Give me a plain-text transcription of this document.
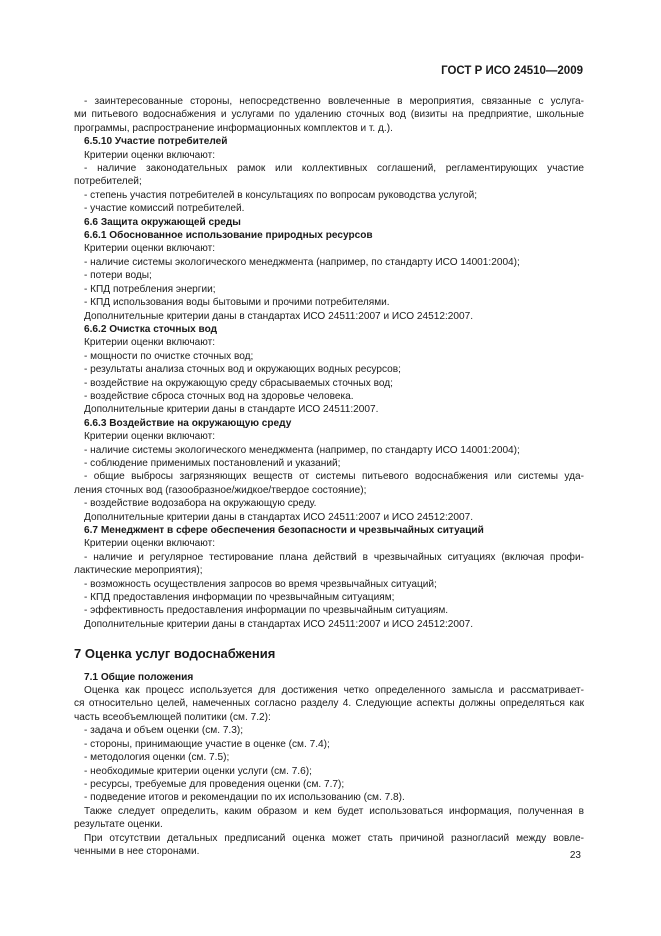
ГОСТ Р ИСО 24510—2009
- заинтересованные стороны, непосредственно вовлеченные в мероприятия, связанные с услуга-
ми питьевого водоснабжения и услугами по удалению сточных вод (визиты на предприятие, школьные
программы, распространение информационных комплектов и т. д.).
6.5.10 Участие потребителей
Критерии оценки включают:
- наличие законодательных рамок или коллективных соглашений, регламентирующих участие
потребителей;
- степень участия потребителей в консультациях по вопросам руководства услугой;
- участие комиссий потребителей.
6.6 Защита окружающей среды
6.6.1 Обоснованное использование природных ресурсов
Критерии оценки включают:
- наличие системы экологического менеджмента (например, по стандарту ИСО 14001:2004);
- потери воды;
- КПД потребления энергии;
- КПД использования воды бытовыми и прочими потребителями.
Дополнительные критерии даны в стандартах ИСО 24511:2007 и ИСО 24512:2007.
6.6.2 Очистка сточных вод
Критерии оценки включают:
- мощности по очистке сточных вод;
- результаты анализа сточных вод и окружающих водных ресурсов;
- воздействие на окружающую среду сбрасываемых сточных вод;
- воздействие сброса сточных вод на здоровье человека.
Дополнительные критерии даны в стандарте ИСО 24511:2007.
6.6.3 Воздействие на окружающую среду
Критерии оценки включают:
- наличие системы экологического менеджмента (например, по стандарту ИСО 14001:2004);
- соблюдение применимых постановлений и указаний;
- общие выбросы загрязняющих веществ от системы питьевого водоснабжения или системы уда-
ления сточных вод (газообразное/жидкое/твердое состояние);
- воздействие водозабора на окружающую среду.
Дополнительные критерии даны в стандартах ИСО 24511:2007 и ИСО 24512:2007.
6.7 Менеджмент в сфере обеспечения безопасности и чрезвычайных ситуаций
Критерии оценки включают:
- наличие и регулярное тестирование плана действий в чрезвычайных ситуациях (включая профи-
лактические мероприятия);
- возможность осуществления запросов во время чрезвычайных ситуаций;
- КПД предоставления информации по чрезвычайным ситуациям;
- эффективность предоставления информации по чрезвычайным ситуациям.
Дополнительные критерии даны в стандартах ИСО 24511:2007 и ИСО 24512:2007.
7 Оценка услуг водоснабжения
7.1 Общие положения
Оценка как процесс используется для достижения четко определенного замысла и рассматривает-
ся относительно целей, намеченных согласно разделу 4. Следующие аспекты должны определяться как
часть всеобъемлющей политики (см. 7.2):
- задача и объем оценки (см. 7.3);
- стороны, принимающие участие в оценке (см. 7.4);
- методология оценки (см. 7.5);
- необходимые критерии оценки услуги (см. 7.6);
- ресурсы, требуемые для проведения оценки (см. 7.7);
- подведение итогов и рекомендации по их использованию (см. 7.8).
Также следует определить, каким образом и кем будет использоваться информация, полученная в
результате оценки.
При отсутствии детальных предписаний оценка может стать причиной разногласий между вовле-
ченными в нее сторонами.	23
